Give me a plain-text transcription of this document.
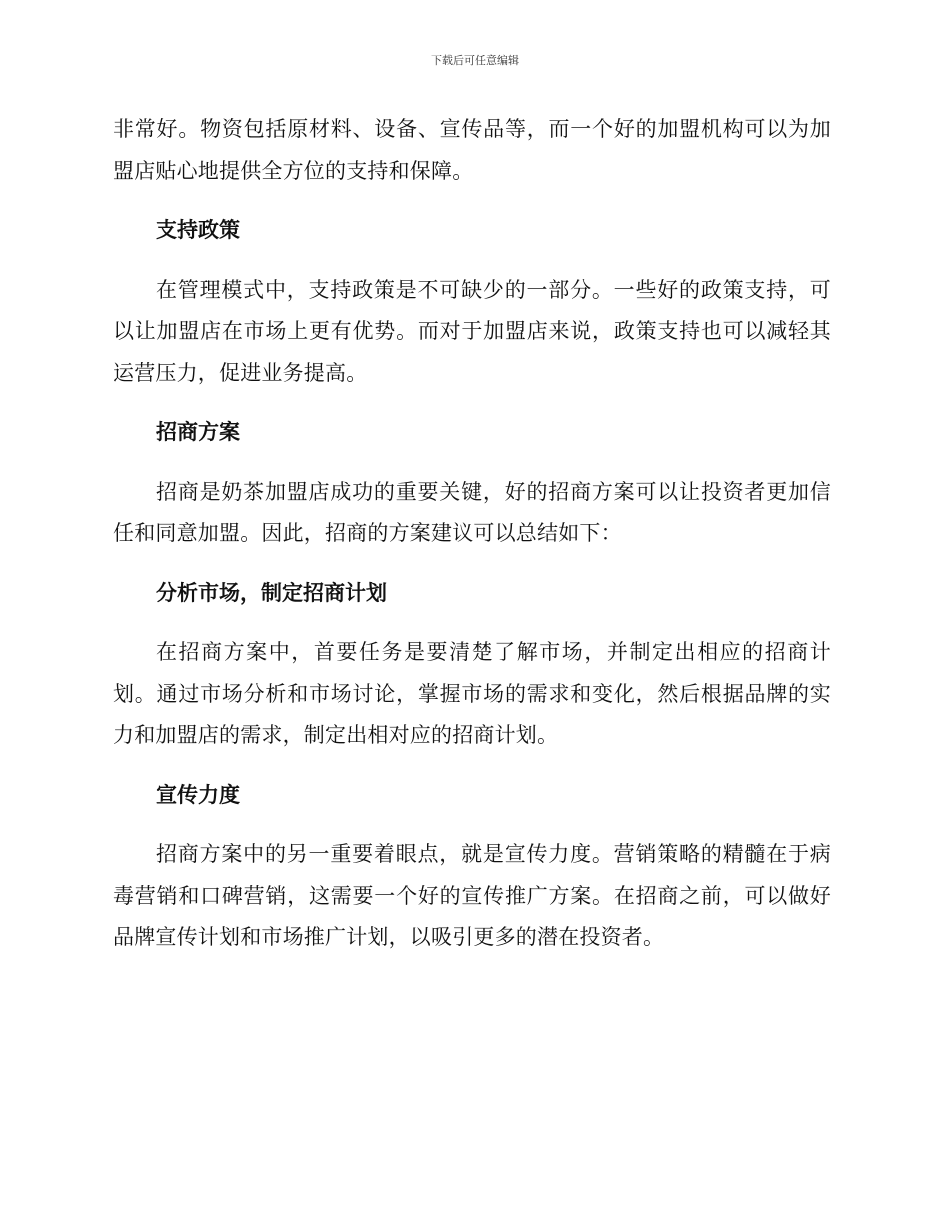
下载后可任意编辑

非常好。物资包括原材料、设备、宣传品等，而一个好的加盟机构可以为加盟店贴心地提供全方位的支持和保障。

支持政策

在管理模式中，支持政策是不可缺少的一部分。一些好的政策支持，可以让加盟店在市场上更有优势。而对于加盟店来说，政策支持也可以减轻其运营压力，促进业务提高。

招商方案

招商是奶茶加盟店成功的重要关键，好的招商方案可以让投资者更加信任和同意加盟。因此，招商的方案建议可以总结如下：

分析市场，制定招商计划

在招商方案中，首要任务是要清楚了解市场，并制定出相应的招商计划。通过市场分析和市场讨论，掌握市场的需求和变化，然后根据品牌的实力和加盟店的需求，制定出相对应的招商计划。

宣传力度

招商方案中的另一重要着眼点，就是宣传力度。营销策略的精髓在于病毒营销和口碑营销，这需要一个好的宣传推广方案。在招商之前，可以做好品牌宣传计划和市场推广计划，以吸引更多的潜在投资者。
